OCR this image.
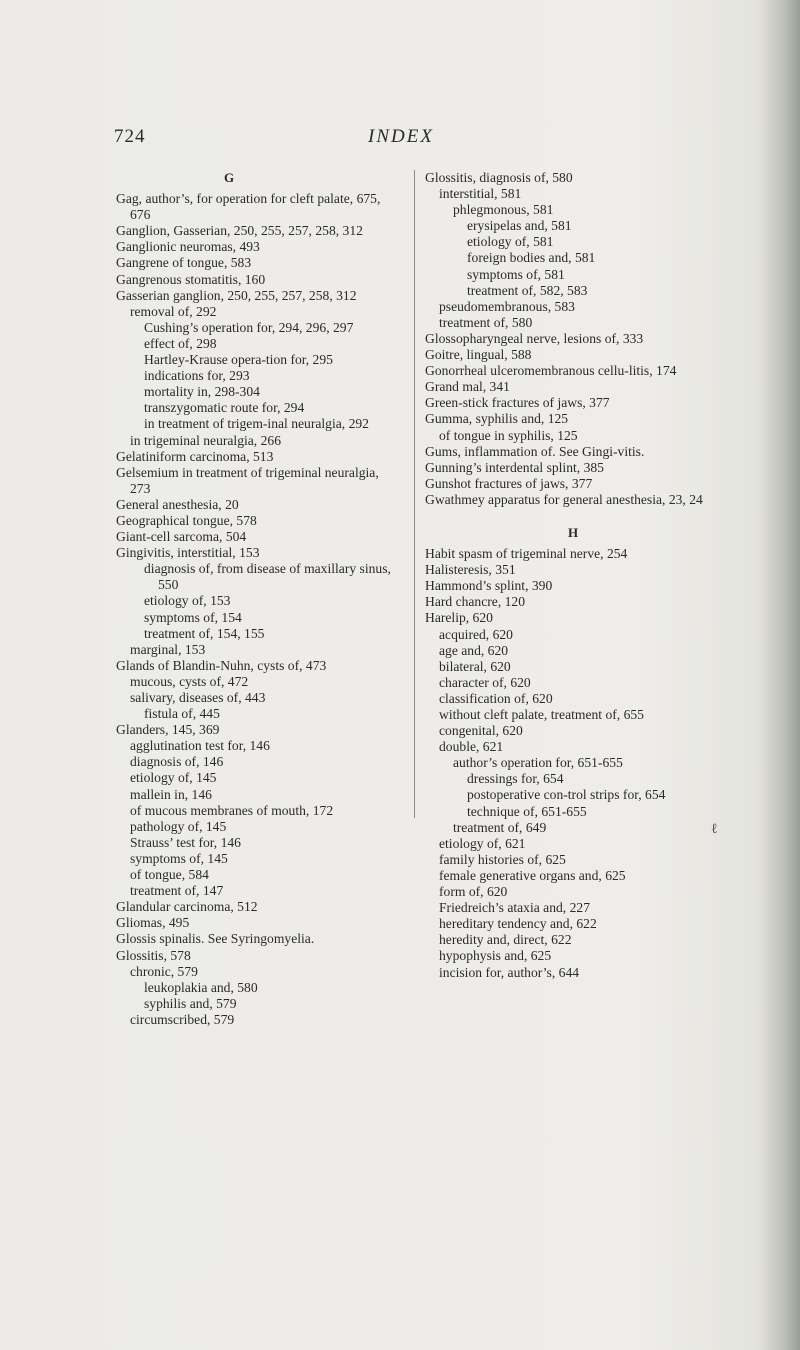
724	INDEX
G
Gag, author’s, for operation for cleft palate, 675, 676
Ganglion, Gasserian, 250, 255, 257, 258, 312
Ganglionic neuromas, 493
Gangrene of tongue, 583
Gangrenous stomatitis, 160
Gasserian ganglion, 250, 255, 257, 258, 312
removal of, 292
Cushing’s operation for, 294, 296, 297
effect of, 298
Hartley-Krause opera-tion for, 295
indications for, 293
mortality in, 298-304
transzygomatic route for, 294
in treatment of trigem-inal neuralgia, 292
in trigeminal neuralgia, 266
Gelatiniform carcinoma, 513
Gelsemium in treatment of trigeminal neuralgia, 273
General anesthesia, 20
Geographical tongue, 578
Giant-cell sarcoma, 504
Gingivitis, interstitial, 153
diagnosis of, from disease of maxillary sinus, 550
etiology of, 153
symptoms of, 154
treatment of, 154, 155
marginal, 153
Glands of Blandin-Nuhn, cysts of, 473
mucous, cysts of, 472
salivary, diseases of, 443
fistula of, 445
Glanders, 145, 369
agglutination test for, 146
diagnosis of, 146
etiology of, 145
mallein in, 146
of mucous membranes of mouth, 172
pathology of, 145
Strauss’ test for, 146
symptoms of, 145
of tongue, 584
treatment of, 147
Glandular carcinoma, 512
Gliomas, 495
Glossis spinalis. See Syringomyelia.
Glossitis, 578
chronic, 579
leukoplakia and, 580
syphilis and, 579
circumscribed, 579
Glossitis, diagnosis of, 580
interstitial, 581
phlegmonous, 581
erysipelas and, 581
etiology of, 581
foreign bodies and, 581
symptoms of, 581
treatment of, 582, 583
pseudomembranous, 583
treatment of, 580
Glossopharyngeal nerve, lesions of, 333
Goitre, lingual, 588
Gonorrheal ulceromembranous cellu-litis, 174
Grand mal, 341
Green-stick fractures of jaws, 377
Gumma, syphilis and, 125
of tongue in syphilis, 125
Gums, inflammation of. See Gingi-vitis.
Gunning’s interdental splint, 385
Gunshot fractures of jaws, 377
Gwathmey apparatus for general anesthesia, 23, 24
H
Habit spasm of trigeminal nerve, 254
Halisteresis, 351
Hammond’s splint, 390
Hard chancre, 120
Harelip, 620
acquired, 620
age and, 620
bilateral, 620
character of, 620
classification of, 620
without cleft palate, treatment of, 655
congenital, 620
double, 621
author’s operation for, 651-655
dressings for, 654
postoperative con-trol strips for, 654
technique of, 651-655
treatment of, 649
etiology of, 621
family histories of, 625
female generative organs and, 625
form of, 620
Friedreich’s ataxia and, 227
hereditary tendency and, 622
heredity and, direct, 622
hypophysis and, 625
incision for, author’s, 644
ℓ
